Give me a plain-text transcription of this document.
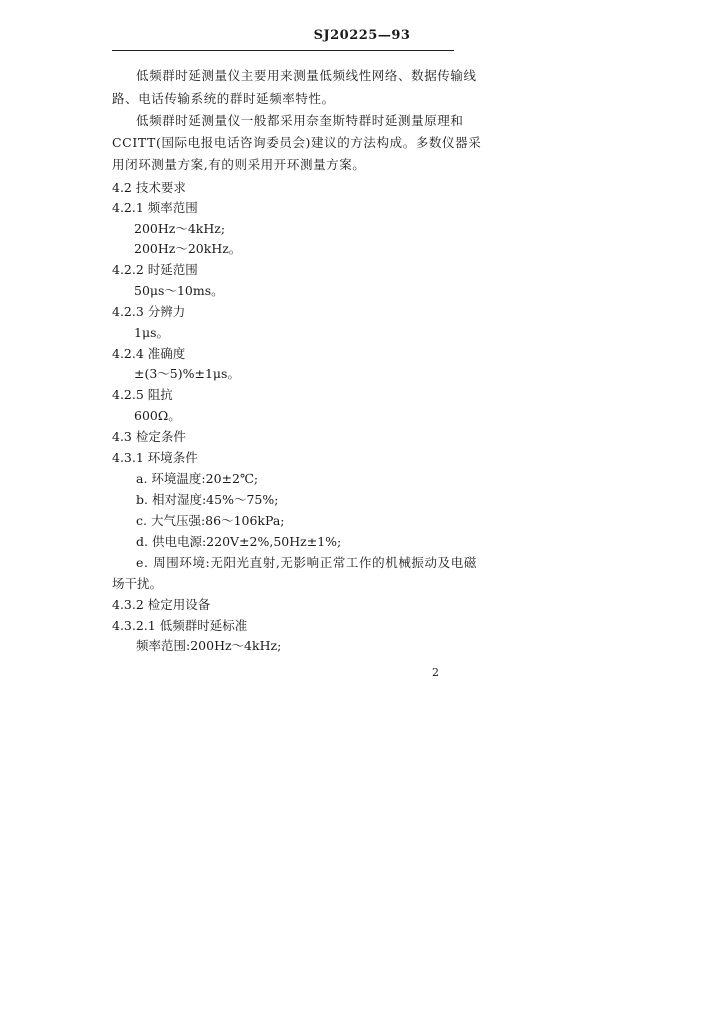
SJ20225—93
低频群时延测量仪主要用来测量低频线性网络、数据传输线
路、电话传输系统的群时延频率特性。
低频群时延测量仪一般都采用奈奎斯特群时延测量原理和
CCITT(国际电报电话咨询委员会)建议的方法构成。多数仪器采
用闭环测量方案,有的则采用开环测量方案。
4.2 技术要求
4.2.1 频率范围
200Hz～4kHz;
200Hz～20kHz。
4.2.2 时延范围
50μs～10ms。
4.2.3 分辨力
1μs。
4.2.4 准确度
±(3～5)%±1μs。
4.2.5 阻抗
600Ω。
4.3 检定条件
4.3.1 环境条件
a. 环境温度:20±2℃;
b. 相对湿度:45%～75%;
c. 大气压强:86～106kPa;
d. 供电电源:220V±2%,50Hz±1%;
e. 周围环境:无阳光直射,无影响正常工作的机械振动及电磁
场干扰。
4.3.2 检定用设备
4.3.2.1 低频群时延标准
频率范围:200Hz～4kHz;
2
